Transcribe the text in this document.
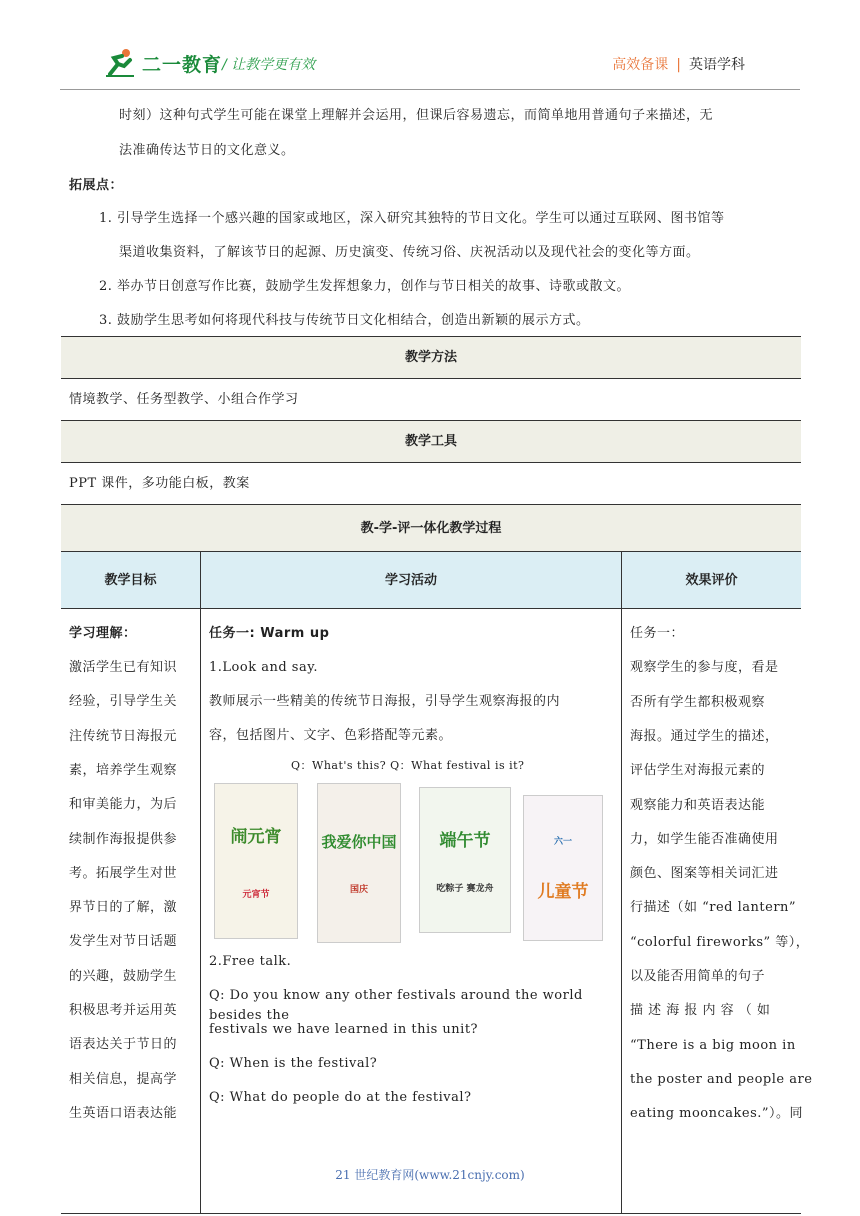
二一教育 / 让教学更有效	高效备课 | 英语学科
时刻）这种句式学生可能在课堂上理解并会运用，但课后容易遗忘，而简单地用普通句子来描述，无
法准确传达节日的文化意义。
拓展点：
1. 引导学生选择一个感兴趣的国家或地区，深入研究其独特的节日文化。学生可以通过互联网、图书馆等
渠道收集资料，了解该节日的起源、历史演变、传统习俗、庆祝活动以及现代社会的变化等方面。
2. 举办节日创意写作比赛，鼓励学生发挥想象力，创作与节日相关的故事、诗歌或散文。
3. 鼓励学生思考如何将现代科技与传统节日文化相结合，创造出新颖的展示方式。
教学方法
情境教学、任务型教学、小组合作学习
教学工具
PPT 课件，多功能白板，教案
教-学-评一体化教学过程
教学目标	学习活动	效果评价
学习理解：
激活学生已有知识
经验，引导学生关
注传统节日海报元
素，培养学生观察
和审美能力，为后
续制作海报提供参
考。拓展学生对世
界节日的了解，激
发学生对节日话题
的兴趣，鼓励学生
积极思考并运用英
语表达关于节日的
相关信息，提高学
生英语口语表达能
任务一: Warm up
1.Look and say.
教师展示一些精美的传统节日海报，引导学生观察海报的内
容，包括图片、文字、色彩搭配等元素。
Q：What's this? Q：What festival is it?
闹元宵
元宵节
我爱你中国
国庆
端午节
吃粽子 赛龙舟
六一
儿童节
2.Free talk.
Q: Do you know any other festivals around the world besides the
festivals we have learned in this unit?
Q: When is the festival?
Q: What do people do at the festival?
任务一：
观察学生的参与度，看是
否所有学生都积极观察
海报。通过学生的描述，
评估学生对海报元素的
观察能力和英语表达能
力，如学生能否准确使用
颜色、图案等相关词汇进
行描述（如 “red lantern”
“colorful fireworks” 等），
以及能否用简单的句子
描 述 海 报 内 容 （ 如
“There is a big moon in
the poster and people are
eating mooncakes.”）。同
21 世纪教育网(www.21cnjy.com)
